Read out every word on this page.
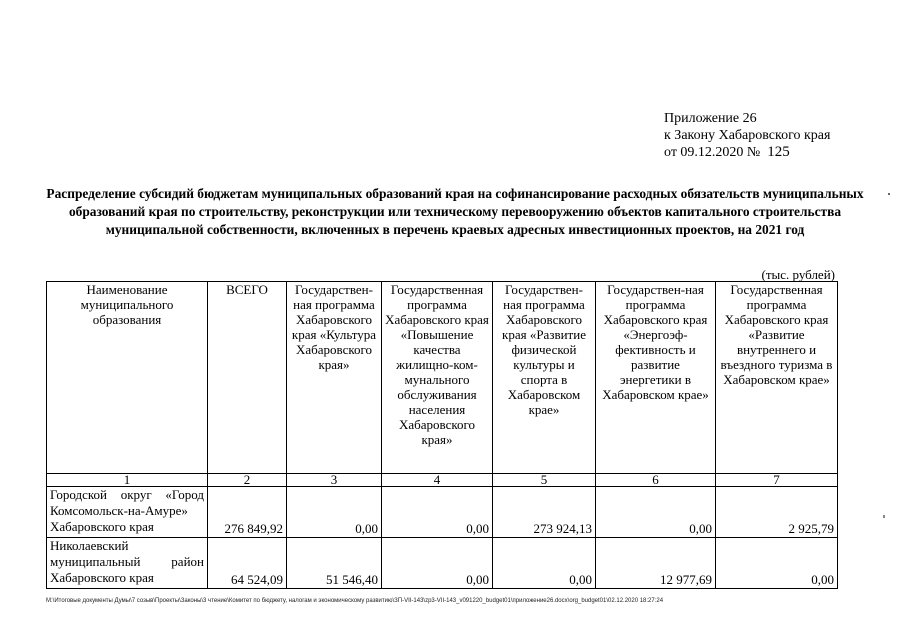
Приложение 26
к Закону Хабаровского края
от 09.12.2020 № 125
Распределение субсидий бюджетам муниципальных образований края на софинансирование расходных обязательств муниципальных образований края по строительству, реконструкции или техническому перевооружению объектов капитального строительства муниципальной собственности, включенных в перечень краевых адресных инвестиционных проектов, на 2021 год
(тыс. рублей)
Наименование муниципального образования	ВСЕГО	Государствен-ная программа Хабаровского края «Культура Хабаровского края»	Государственная программа Хабаровского края «Повышение качества жилищно-ком-мунального обслуживания населения Хабаровского края»	Государствен-ная программа Хабаровского края «Развитие физической культуры и спорта в Хабаровском крае»	Государствен-ная программа Хабаровского края «Энергоэф-фективность и развитие энергетики в Хабаровском крае»	Государственная программа Хабаровского края «Развитие внутреннего и въездного туризма в Хабаровском крае»
1	2	3	4	5	6	7
Городской округ «Город Комсомольск-на-Амуре» Хабаровского края	276 849,92	0,00	0,00	273 924,13	0,00	2 925,79
Николаевский муниципальный район Хабаровского края	64 524,09	51 546,40	0,00	0,00	12 977,69	0,00
М:\Итоговые документы Думы\7 созыв\Проекты\Законы\3 чтение\Комитет по бюджету, налогам и экономическому развитию\ЗП-VII-143\zp3-VII-143_v091220_budget01\приложение26.docx\org_budget01\02.12.2020 18:27:24
